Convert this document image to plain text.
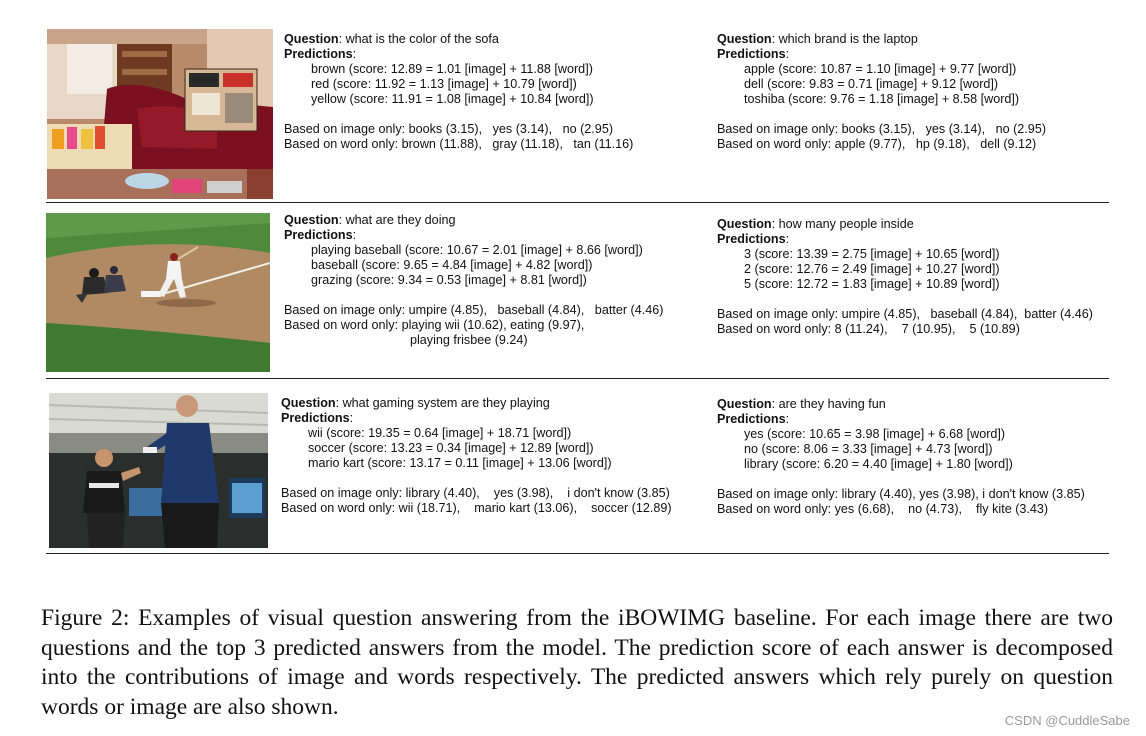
Question: what is the color of the sofa
Predictions:
brown (score: 12.89 = 1.01 [image] + 11.88 [word])
red (score: 11.92 = 1.13 [image] + 10.79 [word])
yellow (score: 11.91 = 1.08 [image] + 10.84 [word])
Based on image only: books (3.15),   yes (3.14),   no (2.95)
Based on word only: brown (11.88),   gray (11.18),   tan (11.16)
Question: which brand is the laptop
Predictions:
apple (score: 10.87 = 1.10 [image] + 9.77 [word])
dell (score: 9.83 = 0.71 [image] + 9.12 [word])
toshiba (score: 9.76 = 1.18 [image] + 8.58 [word])
Based on image only: books (3.15),   yes (3.14),   no (2.95)
Based on word only: apple (9.77),   hp (9.18),   dell (9.12)
Question: what are they doing
Predictions:
playing baseball (score: 10.67 = 2.01 [image] + 8.66 [word])
baseball (score: 9.65 = 4.84 [image] + 4.82 [word])
grazing (score: 9.34 = 0.53 [image] + 8.81 [word])
Based on image only: umpire (4.85),   baseball (4.84),   batter (4.46)
Based on word only: playing wii (10.62), eating (9.97),
playing frisbee (9.24)
Question: how many people inside
Predictions:
3 (score: 13.39 = 2.75 [image] + 10.65 [word])
2 (score: 12.76 = 2.49 [image] + 10.27 [word])
5 (score: 12.72 = 1.83 [image] + 10.89 [word])
Based on image only: umpire (4.85),   baseball (4.84),  batter (4.46)
Based on word only: 8 (11.24),    7 (10.95),    5 (10.89)
Question: what gaming system are they playing
Predictions:
wii (score: 19.35 = 0.64 [image] + 18.71 [word])
soccer (score: 13.23 = 0.34 [image] + 12.89 [word])
mario kart (score: 13.17 = 0.11 [image] + 13.06 [word])
Based on image only: library (4.40),    yes (3.98),    i don't know (3.85)
Based on word only: wii (18.71),    mario kart (13.06),    soccer (12.89)
Question: are they having fun
Predictions:
yes (score: 10.65 = 3.98 [image] + 6.68 [word])
no (score: 8.06 = 3.33 [image] + 4.73 [word])
library (score: 6.20 = 4.40 [image] + 1.80 [word])
Based on image only: library (4.40), yes (3.98), i don't know (3.85)
Based on word only: yes (6.68),    no (4.73),    fly kite (3.43)
Figure 2: Examples of visual question answering from the iBOWIMG baseline. For each image there are two questions and the top 3 predicted answers from the model. The prediction score of each answer is decomposed into the contributions of image and words respectively. The predicted answers which rely purely on question words or image are also shown.
CSDN @CuddleSabe
